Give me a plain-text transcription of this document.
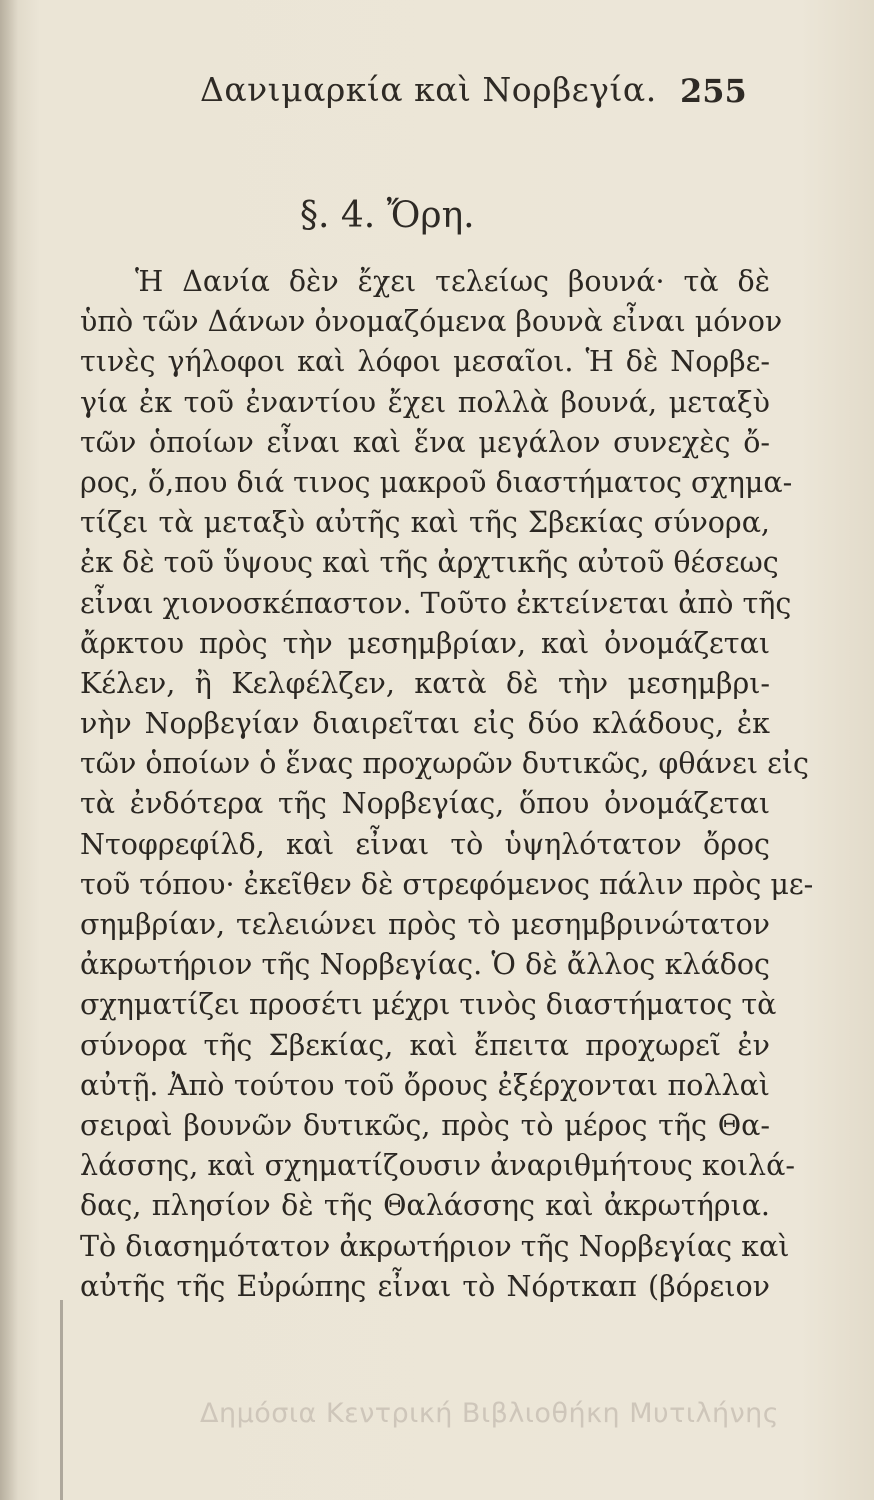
Δανιμαρκία καὶ Νορβεγία. 255
§. 4. Ὄρη.
Ἡ Δανία δὲν ἔχει τελείως βουνά· τὰ δὲ
ὑπὸ τῶν Δάνων ὀνομαζόμενα βουνὰ εἶναι μόνον
τινὲς γήλοφοι καὶ λόφοι μεσαῖοι. Ἡ δὲ Νορβε-
γία ἐκ τοῦ ἐναντίου ἔχει πολλὰ βουνά, μεταξὺ
τῶν ὁποίων εἶναι καὶ ἕνα μεγάλον συνεχὲς ὄ-
ρος, ὅ,που διά τινος μακροῦ διαστήματος σχημα-
τίζει τὰ μεταξὺ αὐτῆς καὶ τῆς Σβεκίας σύνορα,
ἐκ δὲ τοῦ ὕψους καὶ τῆς ἀρχτικῆς αὐτοῦ θέσεως
εἶναι χιονοσκέπαστον. Τοῦτο ἐκτείνεται ἀπὸ τῆς
ἄρκτου πρὸς τὴν μεσημβρίαν, καὶ ὀνομάζεται
Κέλεν, ἢ Κελφέλζεν, κατὰ δὲ τὴν μεσημβρι-
νὴν Νορβεγίαν διαιρεῖται εἰς δύο κλάδους, ἐκ
τῶν ὁποίων ὁ ἕνας προχωρῶν δυτικῶς, φθάνει εἰς
τὰ ἐνδότερα τῆς Νορβεγίας, ὅπου ὀνομάζεται
Ντοφρεφίλδ, καὶ εἶναι τὸ ὑψηλότατον ὄρος
τοῦ τόπου· ἐκεῖθεν δὲ στρεφόμενος πάλιν πρὸς με-
σημβρίαν, τελειώνει πρὸς τὸ μεσημβρινώτατον
ἀκρωτήριον τῆς Νορβεγίας. Ὁ δὲ ἄλλος κλάδος
σχηματίζει προσέτι μέχρι τινὸς διαστήματος τὰ
σύνορα τῆς Σβεκίας, καὶ ἔπειτα προχωρεῖ ἐν
αὐτῇ. Ἀπὸ τούτου τοῦ ὄρους ἐξέρχονται πολλαὶ
σειραὶ βουνῶν δυτικῶς, πρὸς τὸ μέρος τῆς Θα-
λάσσης, καὶ σχηματίζουσιν ἀναριθμήτους κοιλά-
δας, πλησίον δὲ τῆς Θαλάσσης καὶ ἀκρωτήρια.
Τὸ διασημότατον ἀκρωτήριον τῆς Νορβεγίας καὶ
αὐτῆς τῆς Εὐρώπης εἶναι τὸ Νόρτκαπ (βόρειον
Δημόσια Κεντρική Βιβλιοθήκη Μυτιλήνης
